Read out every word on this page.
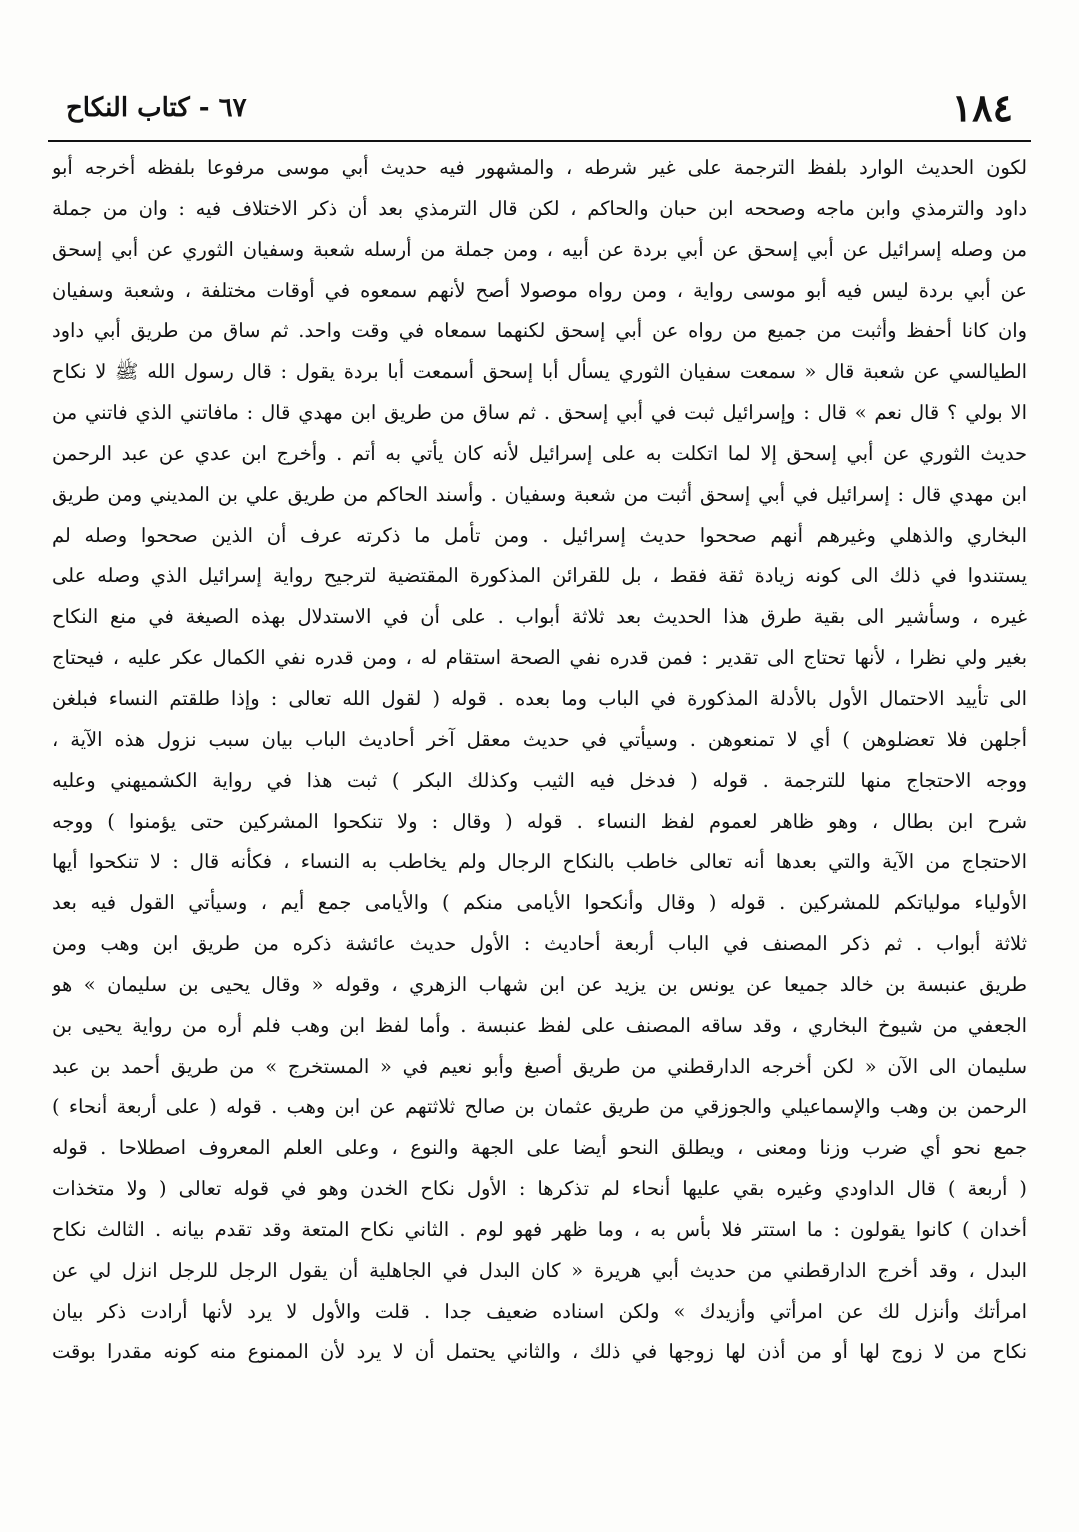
١٨٤
٦٧ - كتاب النكاح
لكون الحديث الوارد بلفظ الترجمة على غير شرطه ، والمشهور فيه حديث أبي موسى مرفوعا بلفظه أخرجه أبو
داود والترمذي وابن ماجه وصححه ابن حبان والحاكم ، لكن قال الترمذي بعد أن ذكر الاختلاف فيه : وان من جملة
من وصله إسرائيل عن أبي إسحق عن أبي بردة عن أبيه ، ومن جملة من أرسله شعبة وسفيان الثوري عن أبي إسحق
عن أبي بردة ليس فيه أبو موسى رواية ، ومن رواه موصولا أصح لأنهم سمعوه في أوقات مختلفة ، وشعبة وسفيان
وان كانا أحفظ وأثبت من جميع من رواه عن أبي إسحق لكنهما سمعاه في وقت واحد. ثم ساق من طريق أبي داود
الطيالسي عن شعبة قال « سمعت سفيان الثوري يسأل أبا إسحق أسمعت أبا بردة يقول : قال رسول الله ﷺ لا نكاح
الا بولي ؟ قال نعم » قال : وإسرائيل ثبت في أبي إسحق . ثم ساق من طريق ابن مهدي قال : مافاتني الذي فاتني من
حديث الثوري عن أبي إسحق إلا لما اتكلت به على إسرائيل لأنه كان يأتي به أتم . وأخرج ابن عدي عن عبد الرحمن
ابن مهدي قال : إسرائيل في أبي إسحق أثبت من شعبة وسفيان . وأسند الحاكم من طريق علي بن المديني ومن طريق
البخاري والذهلي وغيرهم أنهم صححوا حديث إسرائيل . ومن تأمل ما ذكرته عرف أن الذين صححوا وصله لم
يستندوا في ذلك الى كونه زيادة ثقة فقط ، بل للقرائن المذكورة المقتضية لترجيح رواية إسرائيل الذي وصله على
غيره ، وسأشير الى بقية طرق هذا الحديث بعد ثلاثة أبواب . على أن في الاستدلال بهذه الصيغة في منع النكاح
بغير ولي نظرا ، لأنها تحتاج الى تقدير : فمن قدره نفي الصحة استقام له ، ومن قدره نفي الكمال عكر عليه ، فيحتاج
الى تأييد الاحتمال الأول بالأدلة المذكورة في الباب وما بعده . قوله ( لقول الله تعالى : وإذا طلقتم النساء فبلغن
أجلهن فلا تعضلوهن ) أي لا تمنعوهن . وسيأتي في حديث معقل آخر أحاديث الباب بيان سبب نزول هذه الآية ،
ووجه الاحتجاج منها للترجمة . قوله ( فدخل فيه الثيب وكذلك البكر ) ثبت هذا في رواية الكشميهني وعليه
شرح ابن بطال ، وهو ظاهر لعموم لفظ النساء . قوله ( وقال : ولا تنكحوا المشركين حتى يؤمنوا ) ووجه
الاحتجاج من الآية والتي بعدها أنه تعالى خاطب بالنكاح الرجال ولم يخاطب به النساء ، فكأنه قال : لا تنكحوا أيها
الأولياء مولياتكم للمشركين . قوله ( وقال وأنكحوا الأيامى منكم ) والأيامى جمع أيم ، وسيأتي القول فيه بعد
ثلاثة أبواب . ثم ذكر المصنف في الباب أربعة أحاديث : الأول حديث عائشة ذكره من طريق ابن وهب ومن
طريق عنبسة بن خالد جميعا عن يونس بن يزيد عن ابن شهاب الزهري ، وقوله « وقال يحيى بن سليمان » هو
الجعفي من شيوخ البخاري ، وقد ساقه المصنف على لفظ عنبسة . وأما لفظ ابن وهب فلم أره من رواية يحيى بن
سليمان الى الآن « لكن أخرجه الدارقطني من طريق أصبغ وأبو نعيم في « المستخرج » من طريق أحمد بن عبد
الرحمن بن وهب والإسماعيلي والجوزقي من طريق عثمان بن صالح ثلاثتهم عن ابن وهب . قوله ( على أربعة أنحاء )
جمع نحو أي ضرب وزنا ومعنى ، ويطلق النحو أيضا على الجهة والنوع ، وعلى العلم المعروف اصطلاحا . قوله
( أربعة ) قال الداودي وغيره بقي عليها أنحاء لم تذكرها : الأول نكاح الخدن وهو في قوله تعالى ( ولا متخذات
أخدان ) كانوا يقولون : ما استتر فلا بأس به ، وما ظهر فهو لوم . الثاني نكاح المتعة وقد تقدم بيانه . الثالث نكاح
البدل ، وقد أخرج الدارقطني من حديث أبي هريرة « كان البدل في الجاهلية أن يقول الرجل للرجل انزل لي عن
امرأتك وأنزل لك عن امرأتي وأزيدك » ولكن اسناده ضعيف جدا . قلت والأول لا يرد لأنها أرادت ذكر بيان
نكاح من لا زوج لها أو من أذن لها زوجها في ذلك ، والثاني يحتمل أن لا يرد لأن الممنوع منه كونه مقدرا بوقت
